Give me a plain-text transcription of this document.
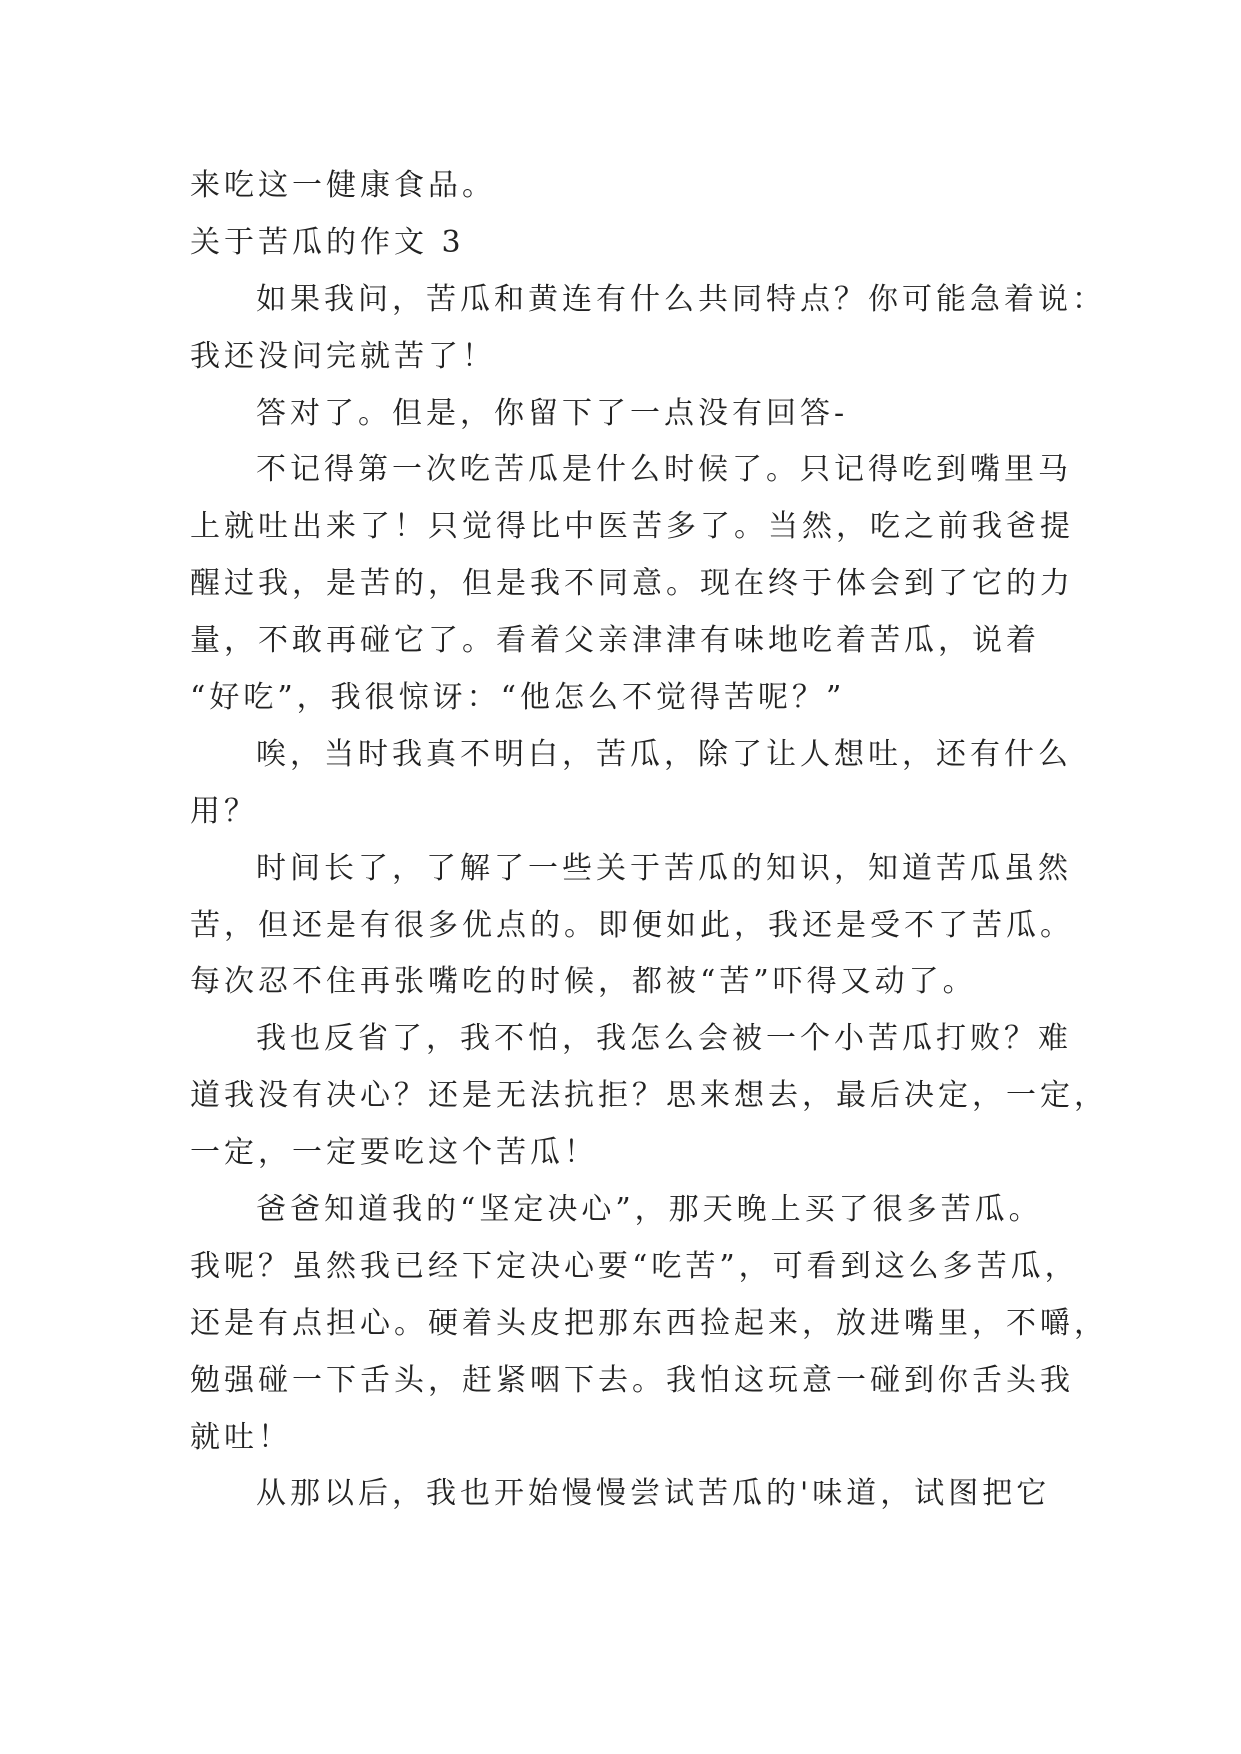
来吃这一健康食品。
关于苦瓜的作文 3
如果我问，苦瓜和黄连有什么共同特点？你可能急着说：
我还没问完就苦了！
答对了。但是，你留下了一点没有回答-
不记得第一次吃苦瓜是什么时候了。只记得吃到嘴里马
上就吐出来了！只觉得比中医苦多了。当然，吃之前我爸提
醒过我，是苦的，但是我不同意。现在终于体会到了它的力
量，不敢再碰它了。看着父亲津津有味地吃着苦瓜，说着
“好吃”，我很惊讶：“他怎么不觉得苦呢？”
唉，当时我真不明白，苦瓜，除了让人想吐，还有什么
用？
时间长了，了解了一些关于苦瓜的知识，知道苦瓜虽然
苦，但还是有很多优点的。即便如此，我还是受不了苦瓜。
每次忍不住再张嘴吃的时候，都被“苦”吓得又动了。
我也反省了，我不怕，我怎么会被一个小苦瓜打败？难
道我没有决心？还是无法抗拒？思来想去，最后决定，一定，
一定，一定要吃这个苦瓜！
爸爸知道我的“坚定决心”，那天晚上买了很多苦瓜。
我呢？虽然我已经下定决心要“吃苦”，可看到这么多苦瓜，
还是有点担心。硬着头皮把那东西捡起来，放进嘴里，不嚼，
勉强碰一下舌头，赶紧咽下去。我怕这玩意一碰到你舌头我
就吐！
从那以后，我也开始慢慢尝试苦瓜的'味道，试图把它
